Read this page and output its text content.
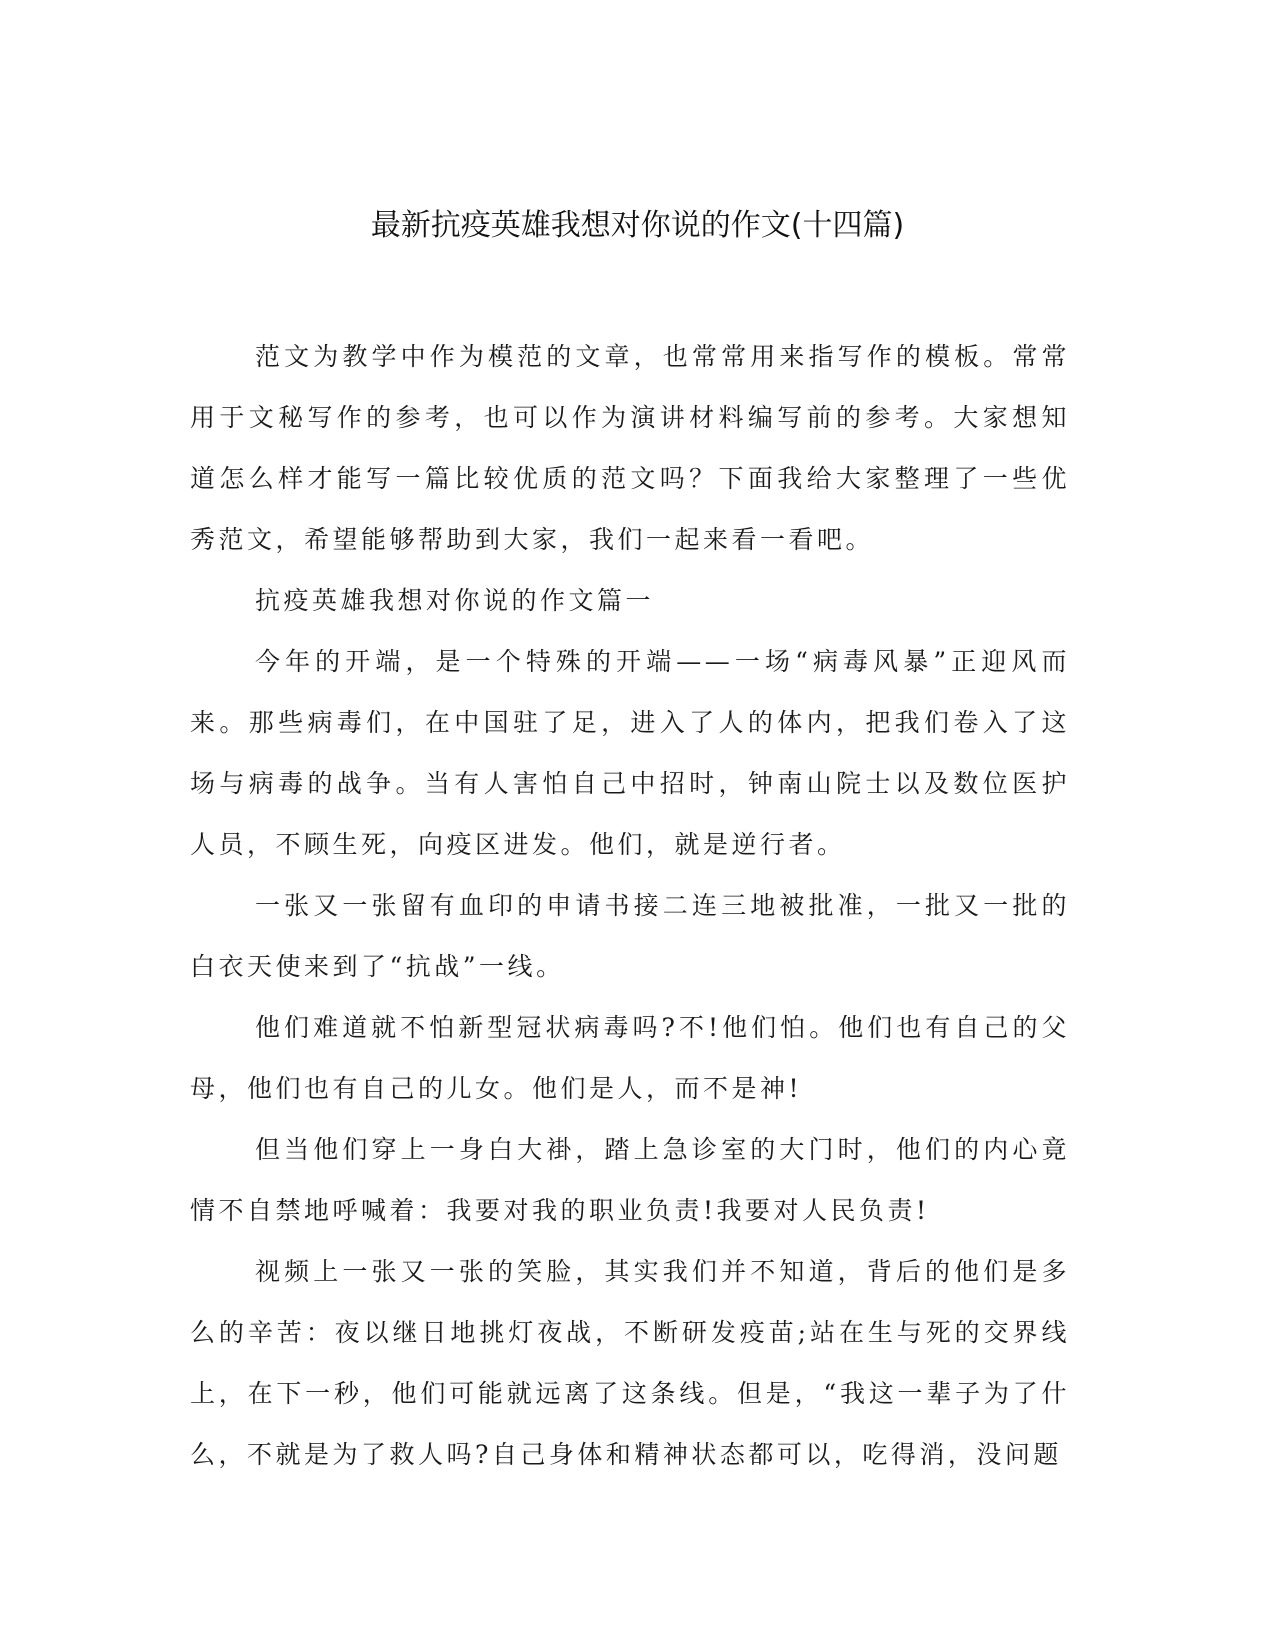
最新抗疫英雄我想对你说的作文(十四篇)

范文为教学中作为模范的文章，也常常用来指写作的模板。常常用于文秘写作的参考，也可以作为演讲材料编写前的参考。大家想知道怎么样才能写一篇比较优质的范文吗？下面我给大家整理了一些优秀范文，希望能够帮助到大家，我们一起来看一看吧。

抗疫英雄我想对你说的作文篇一

今年的开端，是一个特殊的开端——一场“病毒风暴”正迎风而来。那些病毒们，在中国驻了足，进入了人的体内，把我们卷入了这场与病毒的战争。当有人害怕自己中招时，钟南山院士以及数位医护人员，不顾生死，向疫区进发。他们，就是逆行者。

一张又一张留有血印的申请书接二连三地被批准，一批又一批的白衣天使来到了“抗战”一线。

他们难道就不怕新型冠状病毒吗?不!他们怕。他们也有自己的父母，他们也有自己的儿女。他们是人，而不是神!

但当他们穿上一身白大褂，踏上急诊室的大门时，他们的内心竟情不自禁地呼喊着：我要对我的职业负责!我要对人民负责!

视频上一张又一张的笑脸，其实我们并不知道，背后的他们是多么的辛苦：夜以继日地挑灯夜战，不断研发疫苗;站在生与死的交界线上，在下一秒，他们可能就远离了这条线。但是，“我这一辈子为了什么，不就是为了救人吗?自己身体和精神状态都可以，吃得消，没问题
